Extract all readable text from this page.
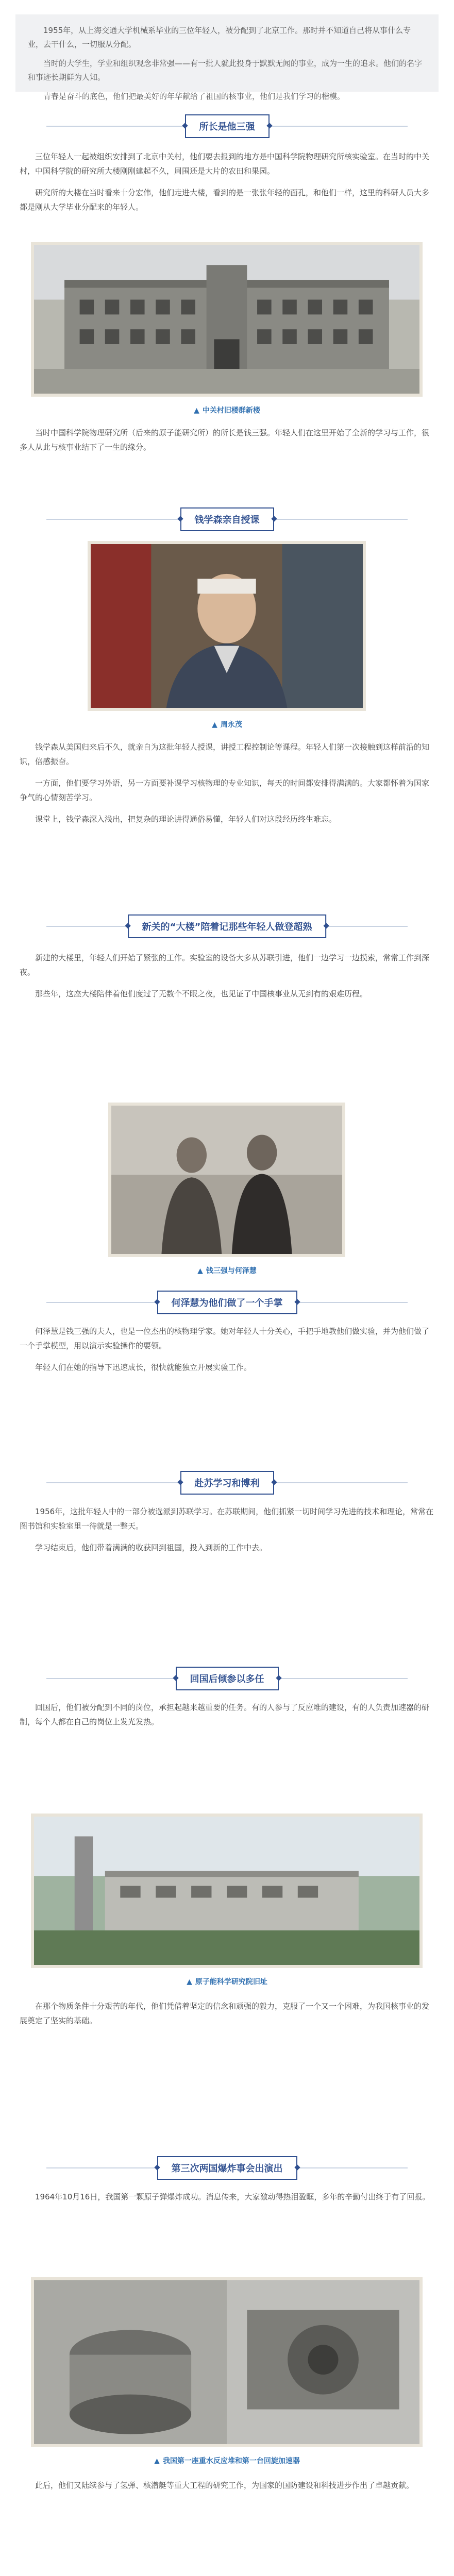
1955年，从上海交通大学机械系毕业的三位年轻人，被分配到了北京工作。那时并不知道自己将从事什么专业，去干什么，一切服从分配。

当时的大学生，学业和组织观念非常强——有一批人就此投身于默默无闻的事业，成为一生的追求。他们的名字和事迹长期鲜为人知。

青春是奋斗的底色，他们把最美好的年华献给了祖国的核事业，他们是我们学习的楷模。

所长是他三强

三位年轻人一起被组织安排到了北京中关村，他们要去报到的地方是中国科学院物理研究所核实验室。在当时的中关村，中国科学院的研究所大楼刚刚建起不久，周围还是大片的农田和果园。

研究所的大楼在当时看来十分宏伟，他们走进大楼，看到的是一张张年轻的面孔，和他们一样，这里的科研人员大多都是刚从大学毕业分配来的年轻人。

▲ 中关村旧楼群新楼

当时中国科学院物理研究所（后来的原子能研究所）的所长是钱三强。年轻人们在这里开始了全新的学习与工作，很多人从此与核事业结下了一生的缘分。

钱学森亲自授课
▲ 周永茂

钱学森从美国归来后不久，就亲自为这批年轻人授课，讲授工程控制论等课程。年轻人们第一次接触到这样前沿的知识，倍感振奋。

一方面，他们要学习外语，另一方面要补课学习核物理的专业知识，每天的时间都安排得满满的。大家都怀着为国家争气的心情刻苦学习。

课堂上，钱学森深入浅出，把复杂的理论讲得通俗易懂，年轻人们对这段经历终生难忘。

新关的“大楼”陪着记那些年轻人做登超熟

新建的大楼里，年轻人们开始了紧张的工作。实验室的设备大多从苏联引进，他们一边学习一边摸索，常常工作到深夜。

那些年，这座大楼陪伴着他们度过了无数个不眠之夜，也见证了中国核事业从无到有的艰难历程。

▲ 钱三强与何泽慧
何泽慧为他们做了一个手掌

何泽慧是钱三强的夫人，也是一位杰出的核物理学家。她对年轻人十分关心，手把手地教他们做实验，并为他们做了一个手掌模型，用以演示实验操作的要领。

年轻人们在她的指导下迅速成长，很快就能独立开展实验工作。

赴苏学习和博利

1956年，这批年轻人中的一部分被选派到苏联学习。在苏联期间，他们抓紧一切时间学习先进的技术和理论，常常在图书馆和实验室里一待就是一整天。

学习结束后，他们带着满满的收获回到祖国，投入到新的工作中去。

回国后倾参以多任

回国后，他们被分配到不同的岗位，承担起越来越重要的任务。有的人参与了反应堆的建设，有的人负责加速器的研制，每个人都在自己的岗位上发光发热。

▲ 原子能科学研究院旧址

在那个物质条件十分艰苦的年代，他们凭借着坚定的信念和顽强的毅力，克服了一个又一个困难，为我国核事业的发展奠定了坚实的基础。

第三次两国爆炸事会出演出

1964年10月16日，我国第一颗原子弹爆炸成功。消息传来，大家激动得热泪盈眶，多年的辛勤付出终于有了回报。

▲ 我国第一座重水反应堆和第一台回旋加速器

此后，他们又陆续参与了氢弹、核潜艇等重大工程的研究工作，为国家的国防建设和科技进步作出了卓越贡献。
